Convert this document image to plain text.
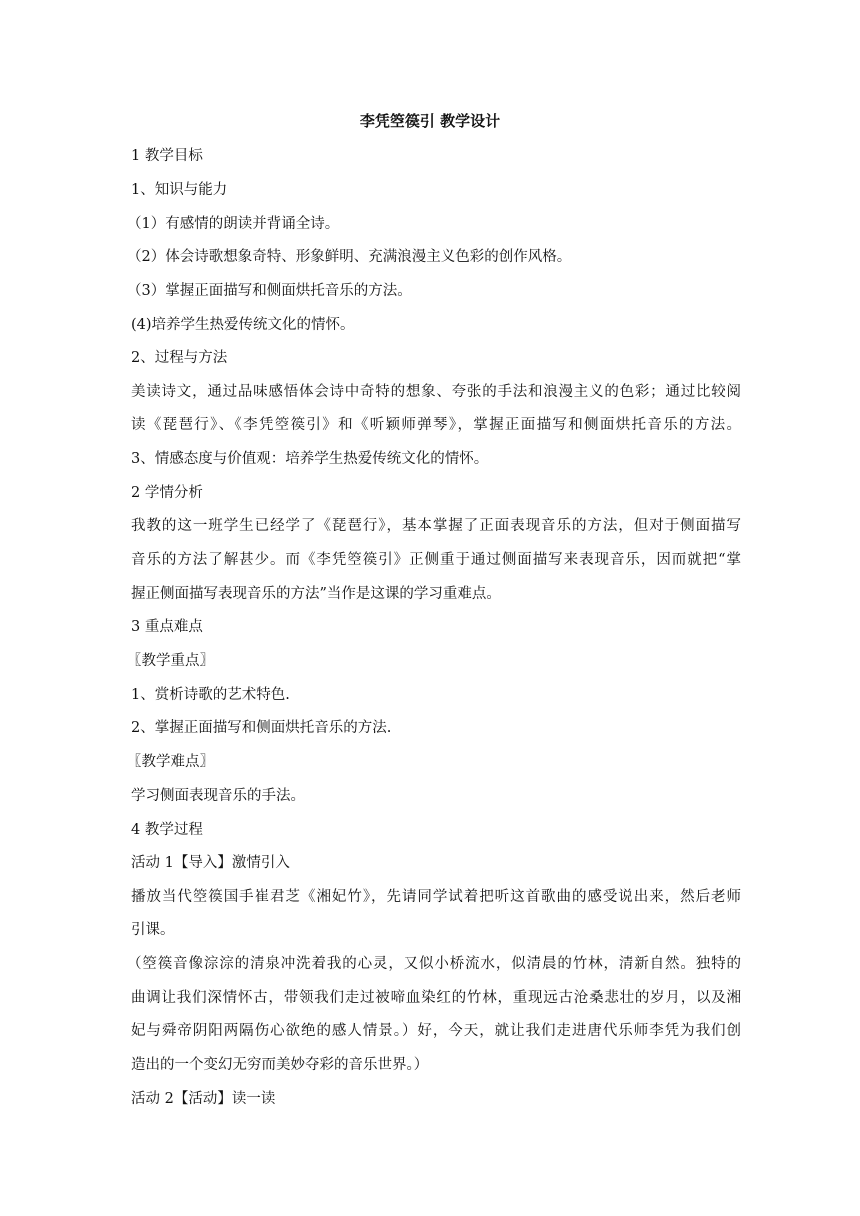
李凭箜篌引 教学设计
1 教学目标
1、知识与能力
（1）有感情的朗读并背诵全诗。
（2）体会诗歌想象奇特、形象鲜明、充满浪漫主义色彩的创作风格。
（3）掌握正面描写和侧面烘托音乐的方法。
(4)培养学生热爱传统文化的情怀。
2、过程与方法
美读诗文，通过品味感悟体会诗中奇特的想象、夸张的手法和浪漫主义的色彩；通过比较阅
读《琵琶行》、《李凭箜篌引》和《听颖师弹琴》，掌握正面描写和侧面烘托音乐的方法。
3、情感态度与价值观：培养学生热爱传统文化的情怀。
2 学情分析
我教的这一班学生已经学了《琵琶行》，基本掌握了正面表现音乐的方法，但对于侧面描写
音乐的方法了解甚少。而《李凭箜篌引》正侧重于通过侧面描写来表现音乐，因而就把“掌
握正侧面描写表现音乐的方法”当作是这课的学习重难点。
3 重点难点
〖教学重点〗
1、赏析诗歌的艺术特色.
2、掌握正面描写和侧面烘托音乐的方法.
〖教学难点〗
学习侧面表现音乐的手法。
4 教学过程
活动 1【导入】激情引入
播放当代箜篌国手崔君芝《湘妃竹》，先请同学试着把听这首歌曲的感受说出来，然后老师
引课。
（箜篌音像淙淙的清泉冲洗着我的心灵，又似小桥流水，似清晨的竹林，清新自然。独特的
曲调让我们深情怀古，带领我们走过被啼血染红的竹林，重现远古沧桑悲壮的岁月，以及湘
妃与舜帝阴阳两隔伤心欲绝的感人情景。）好，今天，就让我们走进唐代乐师李凭为我们创
造出的一个变幻无穷而美妙夺彩的音乐世界。）
活动 2【活动】读一读
